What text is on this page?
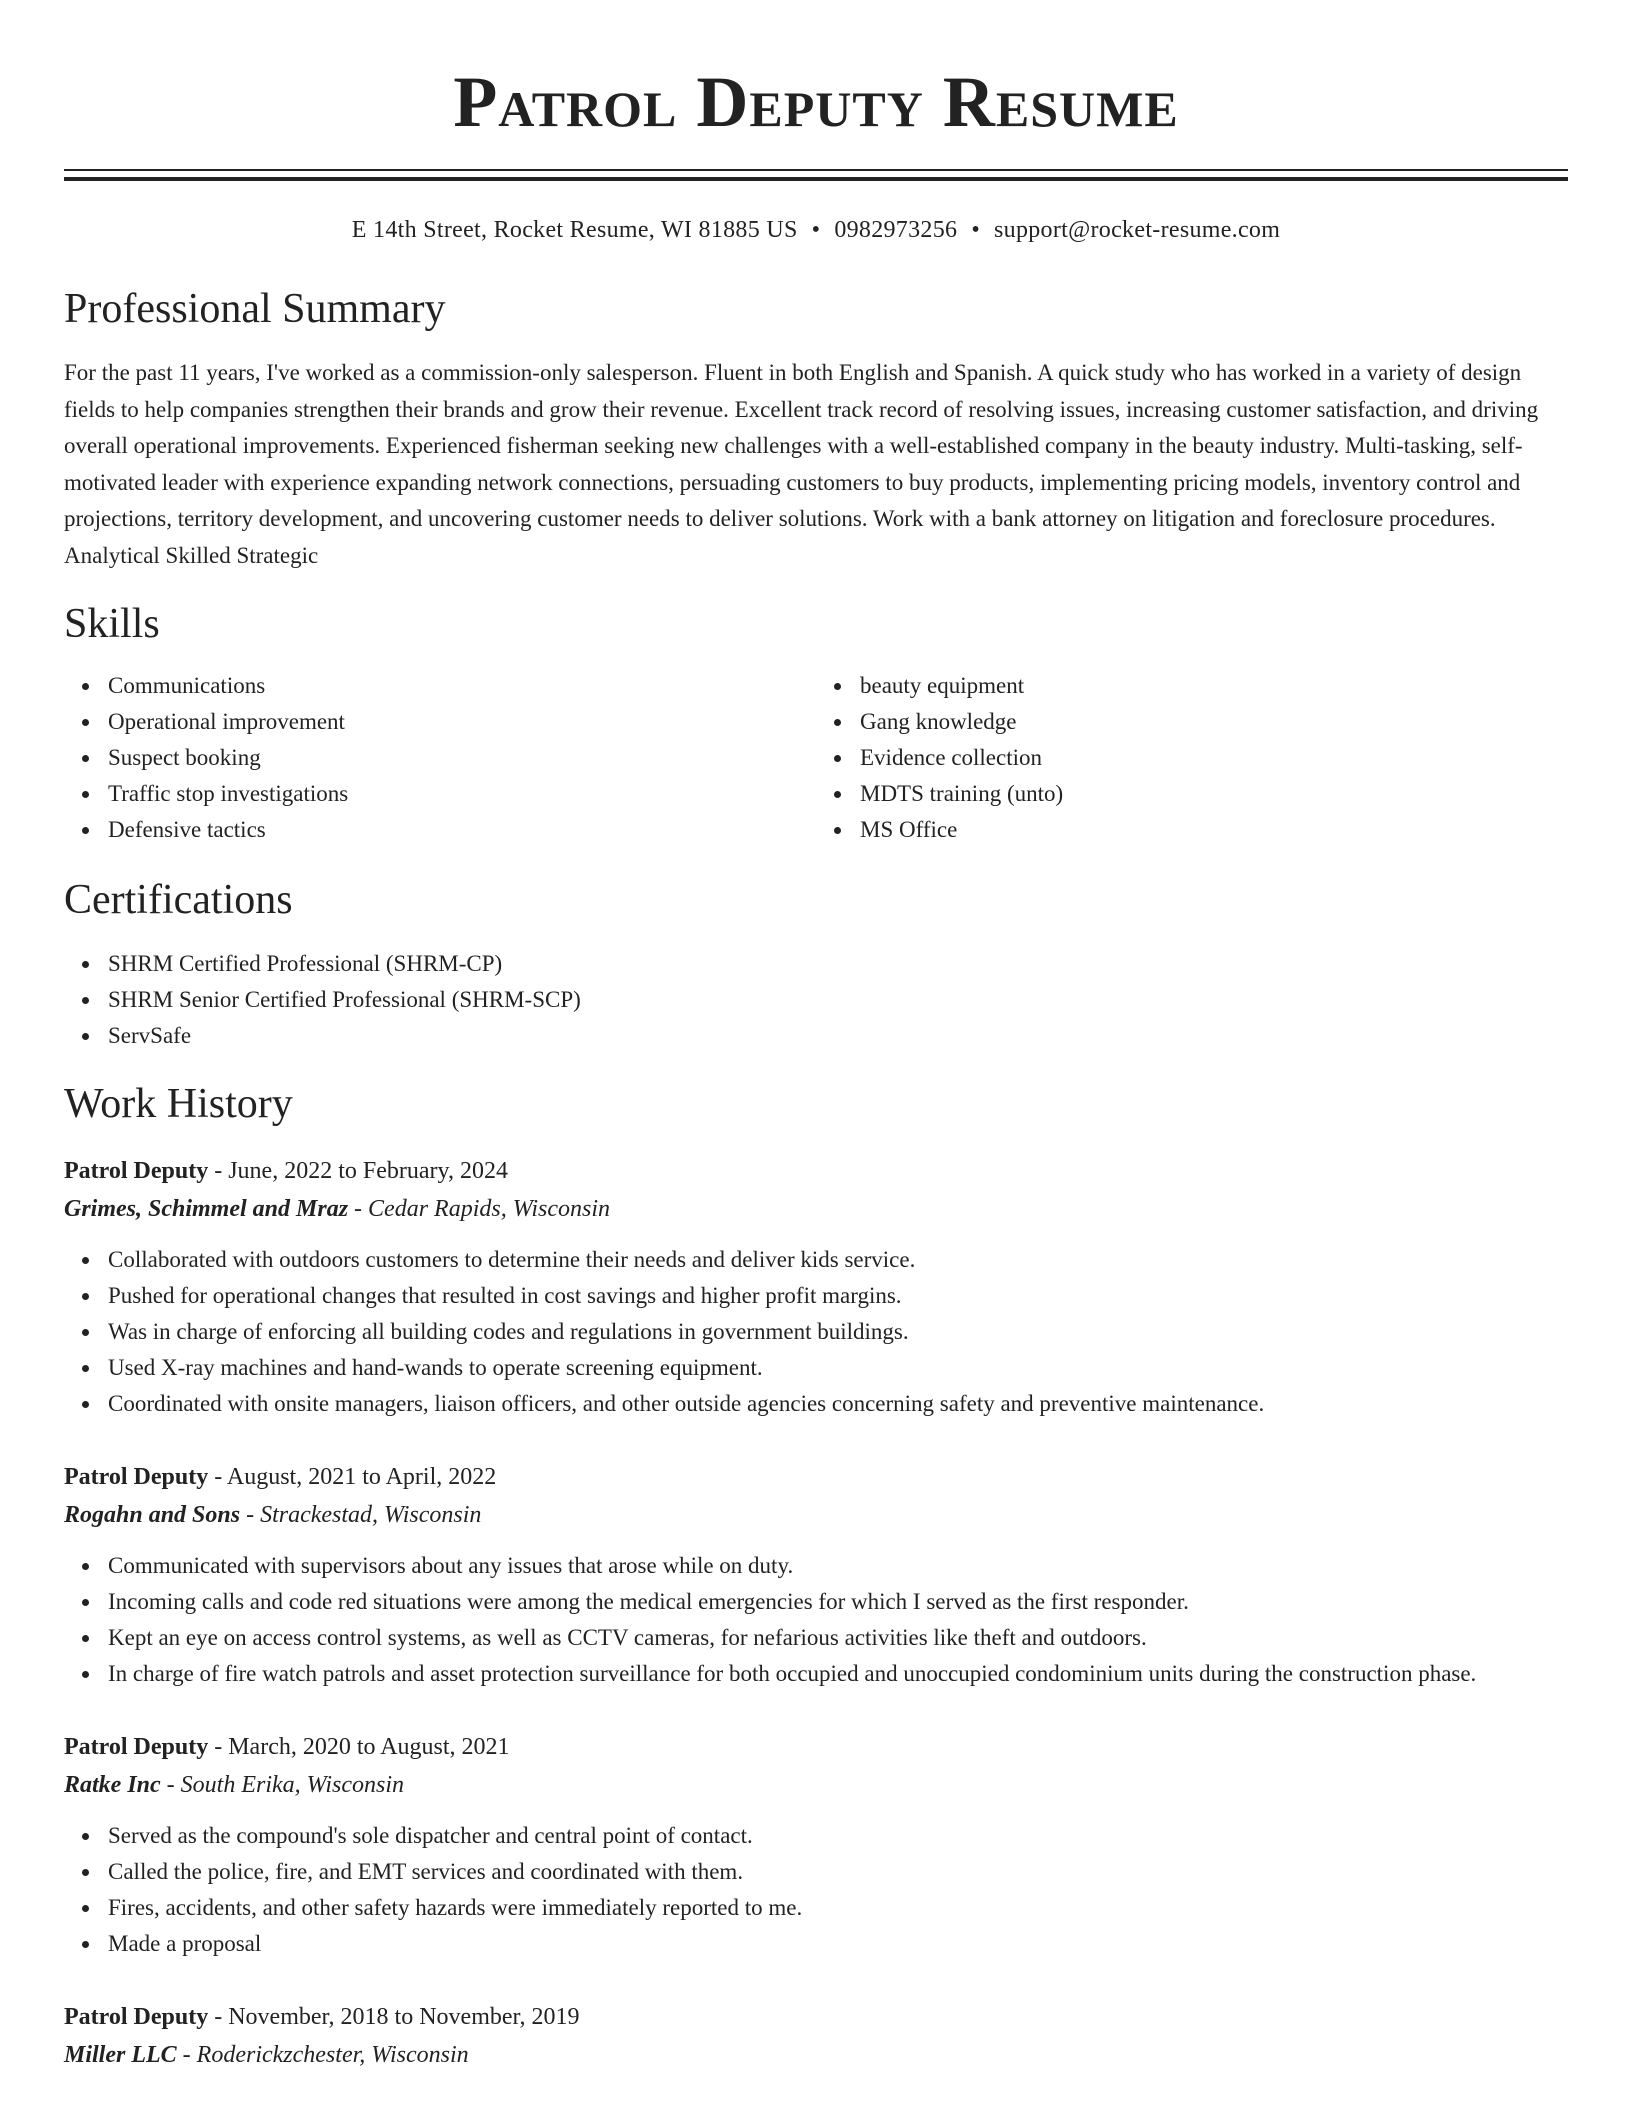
Patrol Deputy Resume
E 14th Street, Rocket Resume, WI 81885 US • 0982973256 • support@rocket-resume.com
Professional Summary

For the past 11 years, I've worked as a commission-only salesperson. Fluent in both English and Spanish. A quick study who has worked in a variety of design fields to help companies strengthen their brands and grow their revenue. Excellent track record of resolving issues, increasing customer satisfaction, and driving overall operational improvements. Experienced fisherman seeking new challenges with a well-established company in the beauty industry. Multi-tasking, self-motivated leader with experience expanding network connections, persuading customers to buy products, implementing pricing models, inventory control and projections, territory development, and uncovering customer needs to deliver solutions. Work with a bank attorney on litigation and foreclosure procedures. Analytical Skilled Strategic

Skills
Communications
Operational improvement
Suspect booking
Traffic stop investigations
Defensive tactics
beauty equipment
Gang knowledge
Evidence collection
MDTS training (unto)
MS Office
Certifications
SHRM Certified Professional (SHRM-CP)
SHRM Senior Certified Professional (SHRM-SCP)
ServSafe
Work History
Patrol Deputy - June, 2022 to February, 2024
Grimes, Schimmel and Mraz - Cedar Rapids, Wisconsin
Collaborated with outdoors customers to determine their needs and deliver kids service.
Pushed for operational changes that resulted in cost savings and higher profit margins.
Was in charge of enforcing all building codes and regulations in government buildings.
Used X-ray machines and hand-wands to operate screening equipment.
Coordinated with onsite managers, liaison officers, and other outside agencies concerning safety and preventive maintenance.
Patrol Deputy - August, 2021 to April, 2022
Rogahn and Sons - Strackestad, Wisconsin
Communicated with supervisors about any issues that arose while on duty.
Incoming calls and code red situations were among the medical emergencies for which I served as the first responder.
Kept an eye on access control systems, as well as CCTV cameras, for nefarious activities like theft and outdoors.
In charge of fire watch patrols and asset protection surveillance for both occupied and unoccupied condominium units during the construction phase.
Patrol Deputy - March, 2020 to August, 2021
Ratke Inc - South Erika, Wisconsin
Served as the compound's sole dispatcher and central point of contact.
Called the police, fire, and EMT services and coordinated with them.
Fires, accidents, and other safety hazards were immediately reported to me.
Made a proposal
Patrol Deputy - November, 2018 to November, 2019
Miller LLC - Roderickzchester, Wisconsin
